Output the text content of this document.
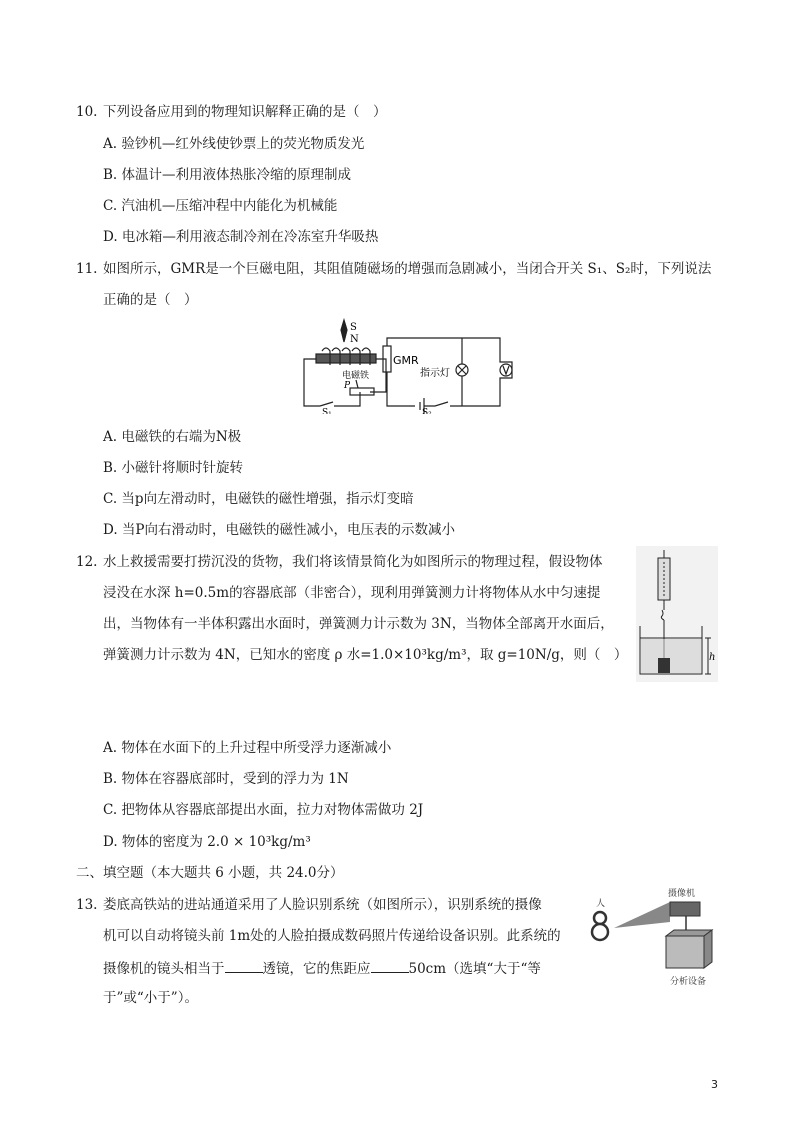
10. 下列设备应用到的物理知识解释正确的是（　）
A. 验钞机—红外线使钞票上的荧光物质发光
B. 体温计—利用液体热胀冷缩的原理制成
C. 汽油机—压缩冲程中内能化为机械能
D. 电冰箱—利用液态制冷剂在冷冻室升华吸热
11. 如图所示，GMR是一个巨磁电阻，其阻值随磁场的增强而急剧减小，当闭合开关 S₁、S₂时，下列说法
正确的是（　）
S
N
GMR
指示灯
电磁铁
P
S₁	S₂
A. 电磁铁的右端为N极
B. 小磁针将顺时针旋转
C. 当p向左滑动时，电磁铁的磁性增强，指示灯变暗
D. 当P向右滑动时，电磁铁的磁性减小，电压表的示数减小
12. 水上救援需要打捞沉没的货物，我们将该情景简化为如图所示的物理过程，假设物体
浸没在水深 h=0.5m的容器底部（非密合），现利用弹簧测力计将物体从水中匀速提
出，当物体有一半体积露出水面时，弹簧测力计示数为 3N，当物体全部离开水面后，
弹簧测力计示数为 4N，已知水的密度 ρ 水=1.0×10³kg/m³，取 g=10N/g，则（　）	h
A. 物体在水面下的上升过程中所受浮力逐渐减小
B. 物体在容器底部时，受到的浮力为 1N
C. 把物体从容器底部提出水面，拉力对物体需做功 2J
D. 物体的密度为 2.0 × 10³kg/m³
二、填空题（本大题共 6 小题，共 24.0分）
13. 娄底高铁站的进站通道采用了人脸识别系统（如图所示），识别系统的摄像
机可以自动将镜头前 1m处的人脸拍摄成数码照片传递给设备识别。此系统的
摄像机的镜头相当于	透镜，它的焦距应	50cm（选填“大于“等
于”或“小于”）。
人
摄像机
分析设备
3
